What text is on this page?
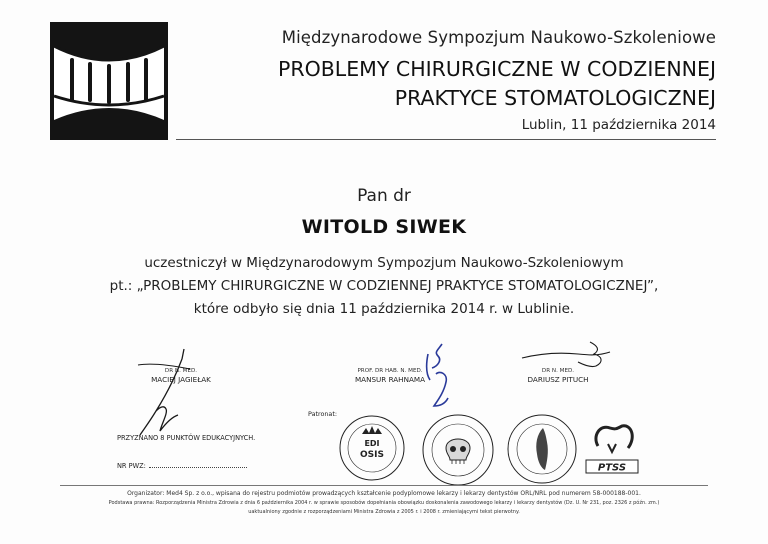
Międzynarodowe Sympozjum Naukowo-Szkoleniowe
PROBLEMY CHIRURGICZNE W CODZIENNEJ
PRAKTYCE STOMATOLOGICZNEJ
Lublin, 11 października 2014
Pan dr
WITOLD SIWEK
uczestniczył w Międzynarodowym Sympozjum Naukowo-Szkoleniowym
pt.: „PROBLEMY CHIRURGICZNE W CODZIENNEJ PRAKTYCE STOMATOLOGICZNEJ”,
które odbyło się dnia 11 października 2014 r. w Lublinie.
DR N. MED.
MACIEJ JAGIEŁAK
PROF. DR HAB. N. MED.
MANSUR RAHNAMA
DR N. MED.
DARIUSZ PITUCH
PRZYZNANO 8 PUNKTÓW EDUKACYJNYCH.
NR PWZ:
Patronat:
EDI
OSIS
PTSS
Organizator: Med4 Sp. z o.o., wpisana do rejestru podmiotów prowadzących kształcenie podyplomowe lekarzy i lekarzy dentystów ORL/NRL pod numerem 58-000188-001.
Podstawa prawna: Rozporządzenia Ministra Zdrowia z dnia 6 października 2004 r. w sprawie sposobów dopełniania obowiązku doskonalenia zawodowego lekarzy i lekarzy dentystów (Dz. U. Nr 231, poz. 2326 z późn. zm.)
uaktualniony zgodnie z rozporządzeniami Ministra Zdrowia z 2005 r. i 2008 r. zmieniającymi tekst pierwotny.
